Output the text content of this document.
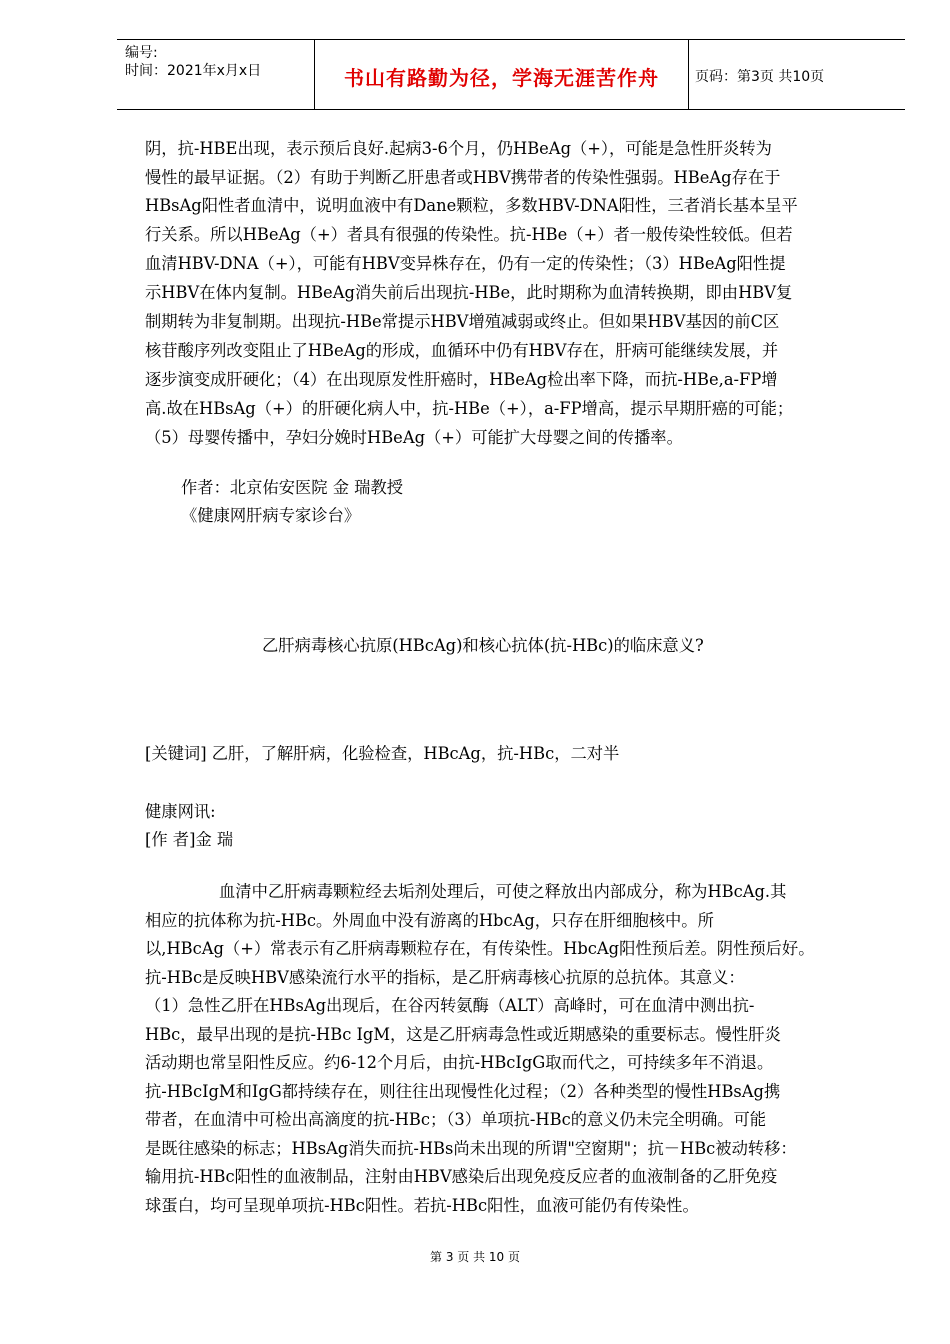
编号:
时间：2021年x月x日	书山有路勤为径，学海无涯苦作舟	页码：第3页 共10页
阴，抗-HBE出现，表示预后良好.起病3-6个月，仍HBeAg（+），可能是急性肝炎转为
慢性的最早证据。（2）有助于判断乙肝患者或HBV携带者的传染性强弱。HBeAg存在于
HBsAg阳性者血清中，说明血液中有Dane颗粒，多数HBV-DNA阳性，三者消长基本呈平
行关系。所以HBeAg（+）者具有很强的传染性。抗-HBe（+）者一般传染性较低。但若
血清HBV-DNA（+），可能有HBV变异株存在，仍有一定的传染性；（3）HBeAg阳性提
示HBV在体内复制。HBeAg消失前后出现抗-HBe，此时期称为血清转换期，即由HBV复
制期转为非复制期。出现抗-HBe常提示HBV增殖减弱或终止。但如果HBV基因的前C区
核苷酸序列改变阻止了HBeAg的形成，血循环中仍有HBV存在，肝病可能继续发展，并
逐步演变成肝硬化；（4）在出现原发性肝癌时，HBeAg检出率下降，而抗-HBe,a-FP增
高.故在HBsAg（+）的肝硬化病人中，抗-HBe（+），a-FP增高，提示早期肝癌的可能；
（5）母婴传播中，孕妇分娩时HBeAg（+）可能扩大母婴之间的传播率。
作者：北京佑安医院 金 瑞教授
《健康网肝病专家诊台》
乙肝病毒核心抗原(HBcAg)和核心抗体(抗-HBc)的临床意义?
[关键词] 乙肝，了解肝病，化验检查，HBcAg，抗-HBc，二对半
健康网讯:
[作 者]金 瑞
血清中乙肝病毒颗粒经去垢剂处理后，可使之释放出内部成分，称为HBcAg.其
相应的抗体称为抗-HBc。外周血中没有游离的HbcAg，只存在肝细胞核中。所
以,HBcAg（+）常表示有乙肝病毒颗粒存在，有传染性。HbcAg阳性预后差。阴性预后好。
抗-HBc是反映HBV感染流行水平的指标，是乙肝病毒核心抗原的总抗体。其意义：
（1）急性乙肝在HBsAg出现后，在谷丙转氨酶（ALT）高峰时，可在血清中测出抗-
HBc，最早出现的是抗-HBc IgM，这是乙肝病毒急性或近期感染的重要标志。慢性肝炎
活动期也常呈阳性反应。约6-12个月后，由抗-HBcIgG取而代之，可持续多年不消退。
抗-HBcIgM和IgG都持续存在，则往往出现慢性化过程；（2）各种类型的慢性HBsAg携
带者，在血清中可检出高滴度的抗-HBc；（3）单项抗-HBc的意义仍未完全明确。可能
是既往感染的标志；HBsAg消失而抗-HBs尚未出现的所谓"空窗期"；抗－HBc被动转移：
输用抗-HBc阳性的血液制品，注射由HBV感染后出现免疫反应者的血液制备的乙肝免疫
球蛋白，均可呈现单项抗-HBc阳性。若抗-HBc阳性，血液可能仍有传染性。
第 3 页 共 10 页
